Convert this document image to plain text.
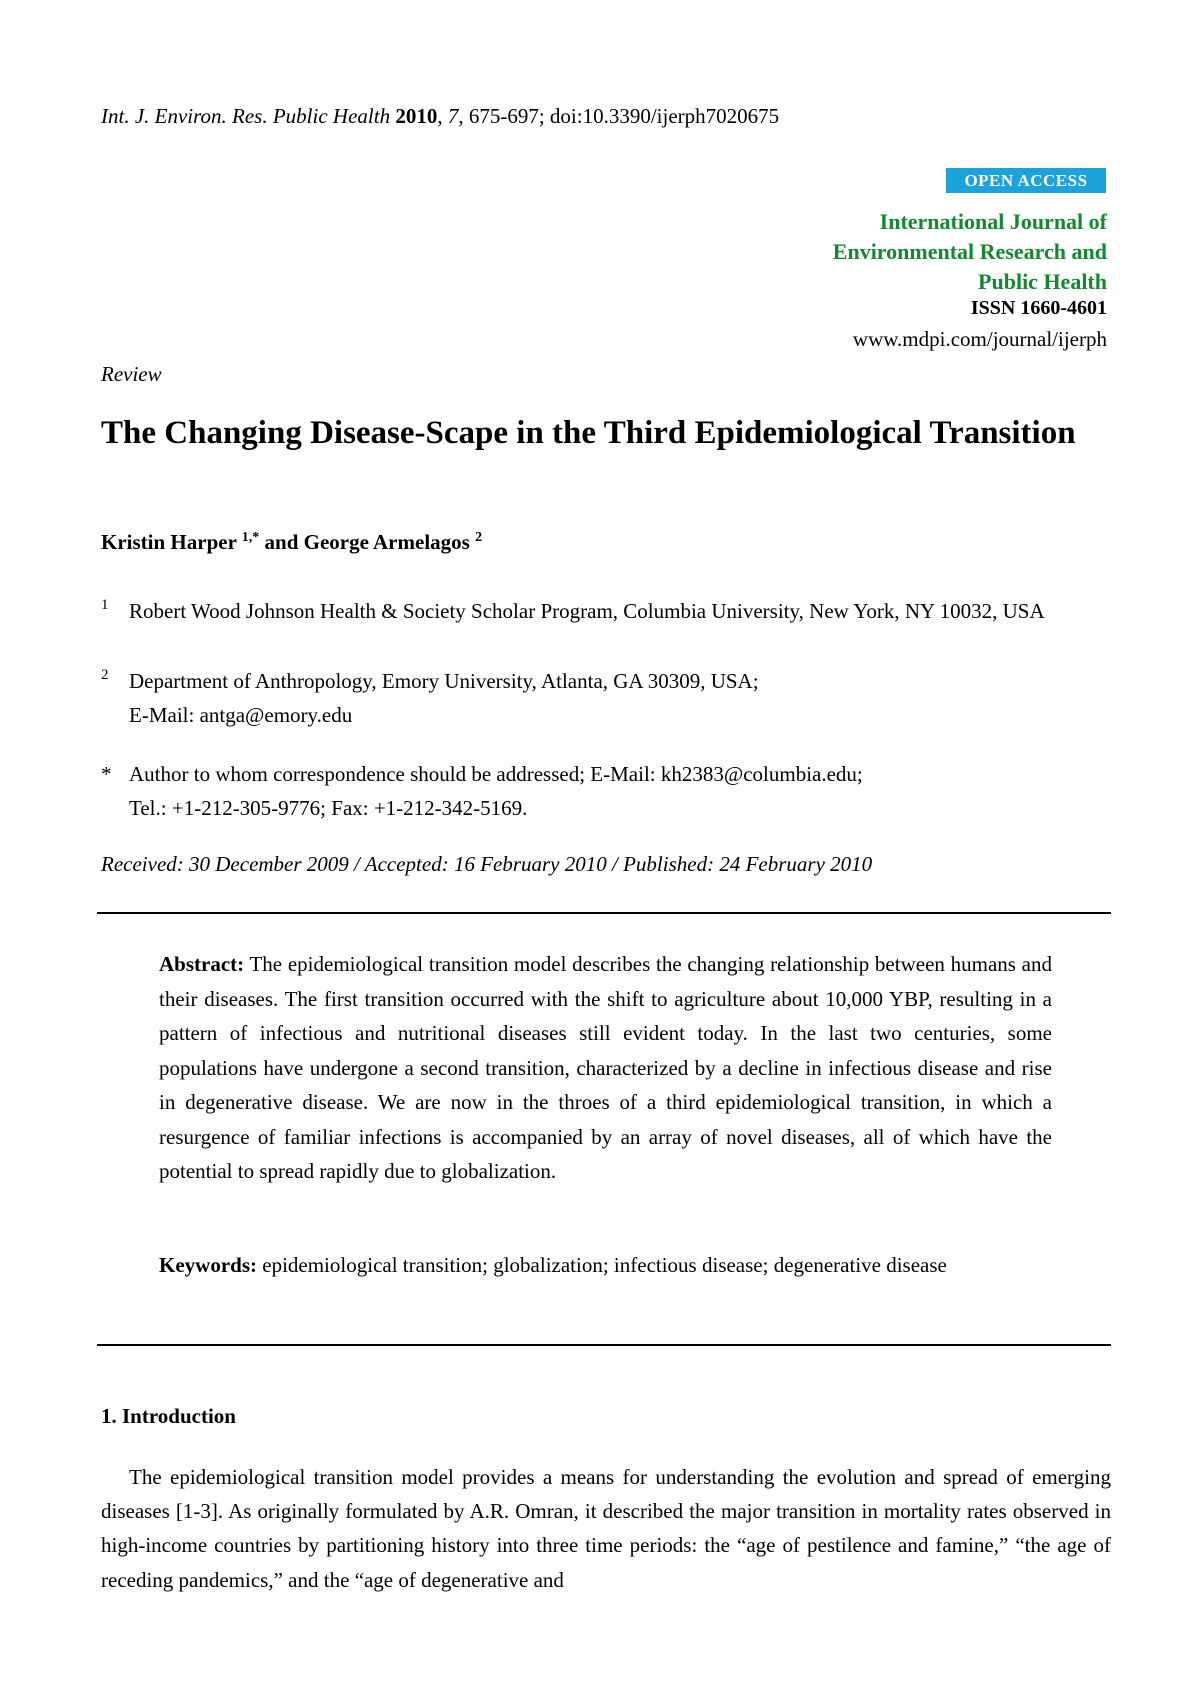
Int. J. Environ. Res. Public Health 2010, 7, 675-697; doi:10.3390/ijerph7020675
OPEN ACCESS
International Journal of
Environmental Research and
Public Health
ISSN 1660-4601
www.mdpi.com/journal/ijerph
Review
The Changing Disease-Scape in the Third Epidemiological Transition
Kristin Harper $^{1,*}$ and George Armelagos $^2$
1 Robert Wood Johnson Health & Society Scholar Program, Columbia University, New York, NY 10032, USA
2 Department of Anthropology, Emory University, Atlanta, GA 30309, USA;
E-Mail: antga@emory.edu
* Author to whom correspondence should be addressed; E-Mail: kh2383@columbia.edu;
Tel.: +1-212-305-9776; Fax: +1-212-342-5169.
Received: 30 December 2009 / Accepted: 16 February 2010 / Published: 24 February 2010
Abstract: The epidemiological transition model describes the changing relationship between humans and their diseases. The first transition occurred with the shift to agriculture about 10,000 YBP, resulting in a pattern of infectious and nutritional diseases still evident today. In the last two centuries, some populations have undergone a second transition, characterized by a decline in infectious disease and rise in degenerative disease. We are now in the throes of a third epidemiological transition, in which a resurgence of familiar infections is accompanied by an array of novel diseases, all of which have the potential to spread rapidly due to globalization.
Keywords: epidemiological transition; globalization; infectious disease; degenerative disease
1. Introduction
The epidemiological transition model provides a means for understanding the evolution and spread of emerging diseases [1-3]. As originally formulated by A.R. Omran, it described the major transition in mortality rates observed in high-income countries by partitioning history into three time periods: the “age of pestilence and famine,” “the age of receding pandemics,” and the “age of degenerative and
